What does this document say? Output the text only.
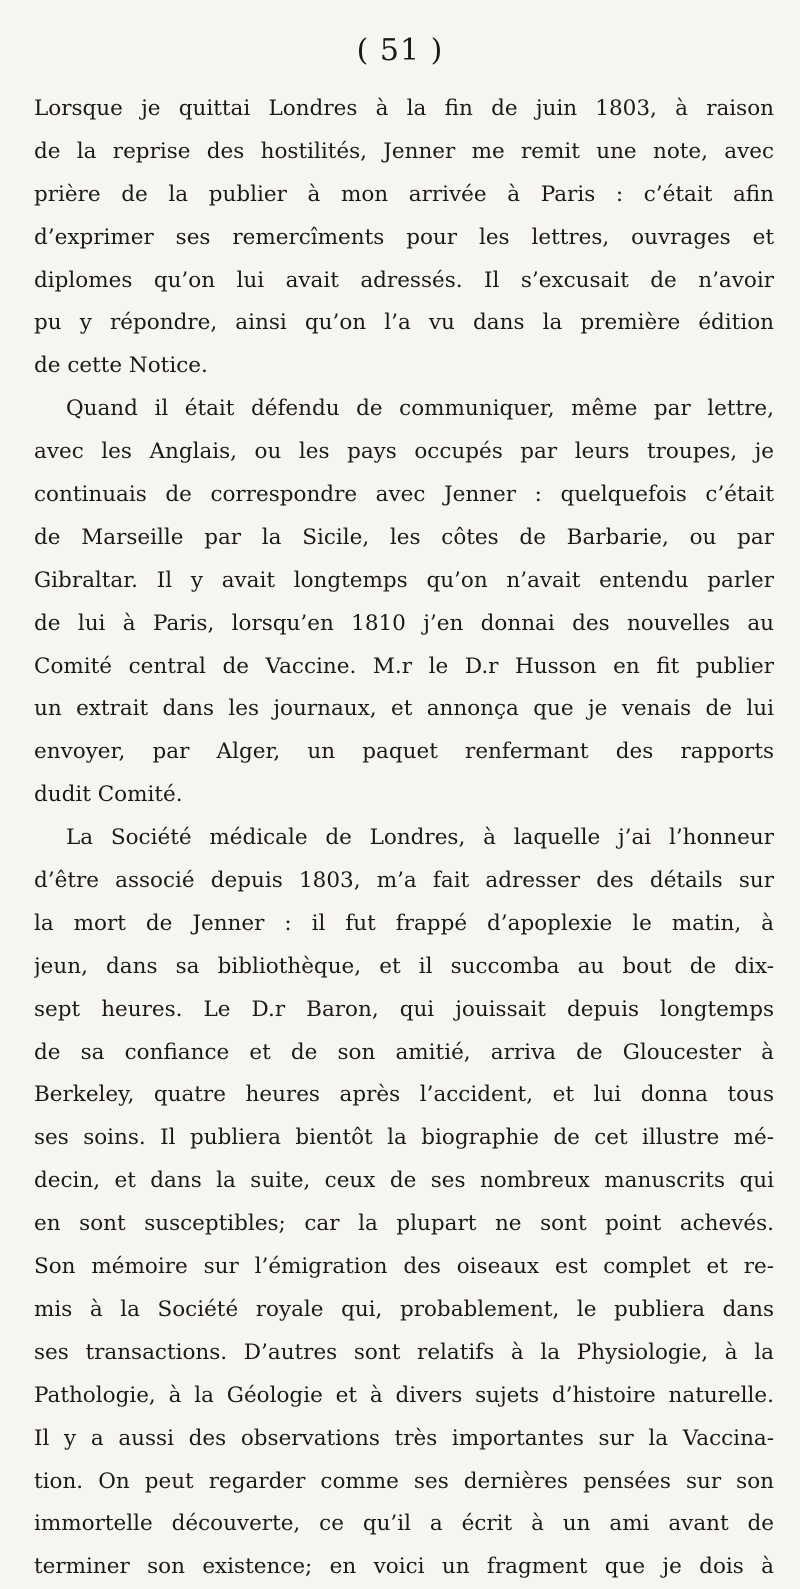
( 51 )
Lorsque je quittai Londres à la fin de juin 1803, à raison
de la reprise des hostilités, Jenner me remit une note, avec
prière de la publier à mon arrivée à Paris : c’était afin
d’exprimer ses remercîments pour les lettres, ouvrages et
diplomes qu’on lui avait adressés. Il s’excusait de n’avoir
pu y répondre, ainsi qu’on l’a vu dans la première édition
de cette Notice.
Quand il était défendu de communiquer, même par lettre,
avec les Anglais, ou les pays occupés par leurs troupes, je
continuais de correspondre avec Jenner : quelquefois c’était
de Marseille par la Sicile, les côtes de Barbarie, ou par
Gibraltar. Il y avait longtemps qu’on n’avait entendu parler
de lui à Paris, lorsqu’en 1810 j’en donnai des nouvelles au
Comité central de Vaccine. M.r le D.r Husson en fit publier
un extrait dans les journaux, et annonça que je venais de lui
envoyer, par Alger, un paquet renfermant des rapports
dudit Comité.
La Société médicale de Londres, à laquelle j’ai l’honneur
d’être associé depuis 1803, m’a fait adresser des détails sur
la mort de Jenner : il fut frappé d’apoplexie le matin, à
jeun, dans sa bibliothèque, et il succomba au bout de dix-
sept heures. Le D.r Baron, qui jouissait depuis longtemps
de sa confiance et de son amitié, arriva de Gloucester à
Berkeley, quatre heures après l’accident, et lui donna tous
ses soins. Il publiera bientôt la biographie de cet illustre mé-
decin, et dans la suite, ceux de ses nombreux manuscrits qui
en sont susceptibles; car la plupart ne sont point achevés.
Son mémoire sur l’émigration des oiseaux est complet et re-
mis à la Société royale qui, probablement, le publiera dans
ses transactions. D’autres sont relatifs à la Physiologie, à la
Pathologie, à la Géologie et à divers sujets d’histoire naturelle.
Il y a aussi des observations très importantes sur la Vaccina-
tion. On peut regarder comme ses dernières pensées sur son
immortelle découverte, ce qu’il a écrit à un ami avant de
terminer son existence; en voici un fragment que je dois à
